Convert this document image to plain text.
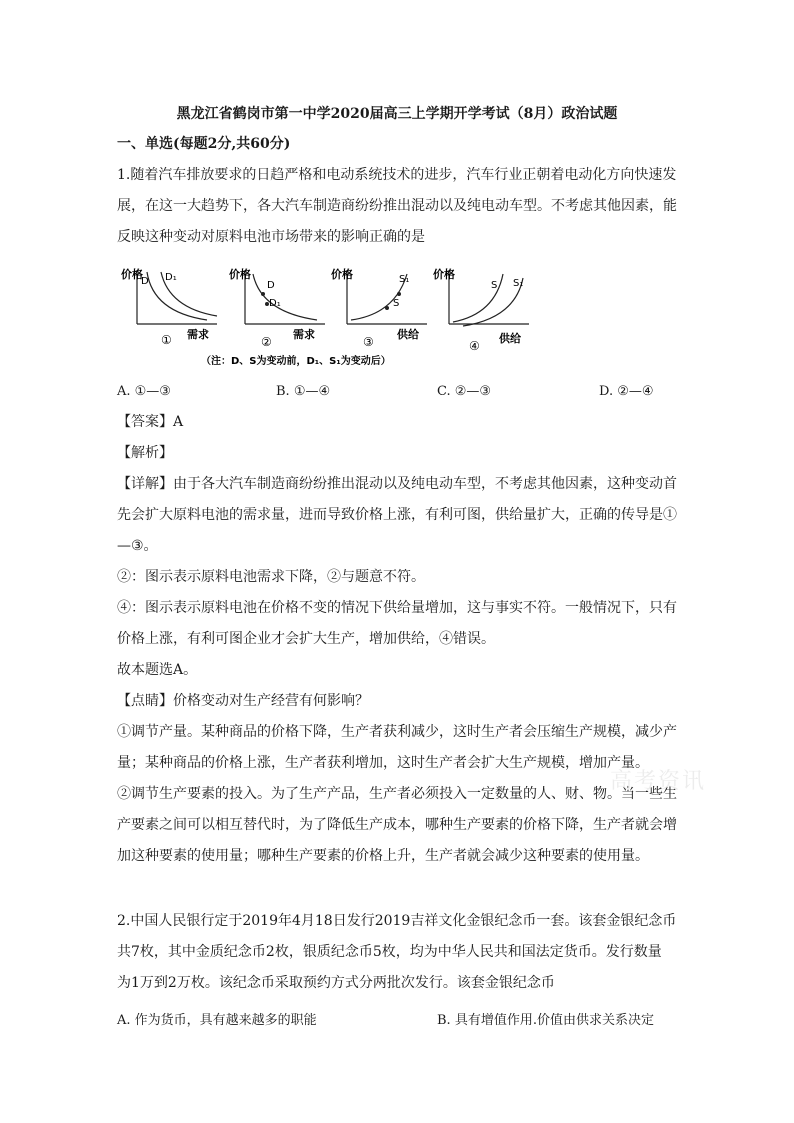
黑龙江省鹤岗市第一中学2020届高三上学期开学考试（8月）政治试题
一、单选(每题2分,共60分)
1.随着汽车排放要求的日趋严格和电动系统技术的进步，汽车行业正朝着电动化方向快速发
展，在这一大趋势下，各大汽车制造商纷纷推出混动以及纯电动车型。不考虑其他因素，能
反映这种变动对原料电池市场带来的影响正确的是
价格
需求
D D₁
①
价格
需求
D
D₁
②
价格
供给
S₁
S
③
价格
供给
S S₁
④
（注：D、S为变动前，D₁、S₁为变动后）
A. ①—③	B. ①—④	C. ②—③	D. ②—④
【答案】A
【解析】
【详解】由于各大汽车制造商纷纷推出混动以及纯电动车型，不考虑其他因素，这种变动首
先会扩大原料电池的需求量，进而导致价格上涨，有利可图，供给量扩大，正确的传导是①
—③。
②：图示表示原料电池需求下降，②与题意不符。
④：图示表示原料电池在价格不变的情况下供给量增加，这与事实不符。一般情况下，只有
价格上涨，有利可图企业才会扩大生产，增加供给，④错误。
故本题选A。
【点睛】价格变动对生产经营有何影响？
①调节产量。某种商品的价格下降，生产者获利减少，这时生产者会压缩生产规模，减少产
量；某种商品的价格上涨，生产者获利增加，这时生产者会扩大生产规模，增加产量。
②调节生产要素的投入。为了生产产品，生产者必须投入一定数量的人、财、物。当一些生
产要素之间可以相互替代时，为了降低生产成本，哪种生产要素的价格下降，生产者就会增
加这种要素的使用量；哪种生产要素的价格上升，生产者就会减少这种要素的使用量。
高考资讯
2.中国人民银行定于2019年4月18日发行2019吉祥文化金银纪念币一套。该套金银纪念币
共7枚，其中金质纪念币2枚，银质纪念币5枚，均为中华人民共和国法定货币。发行数量
为1万到2万枚。该纪念币采取预约方式分两批次发行。该套金银纪念币
A. 作为货币，具有越来越多的职能	B. 具有增值作用.价值由供求关系决定
